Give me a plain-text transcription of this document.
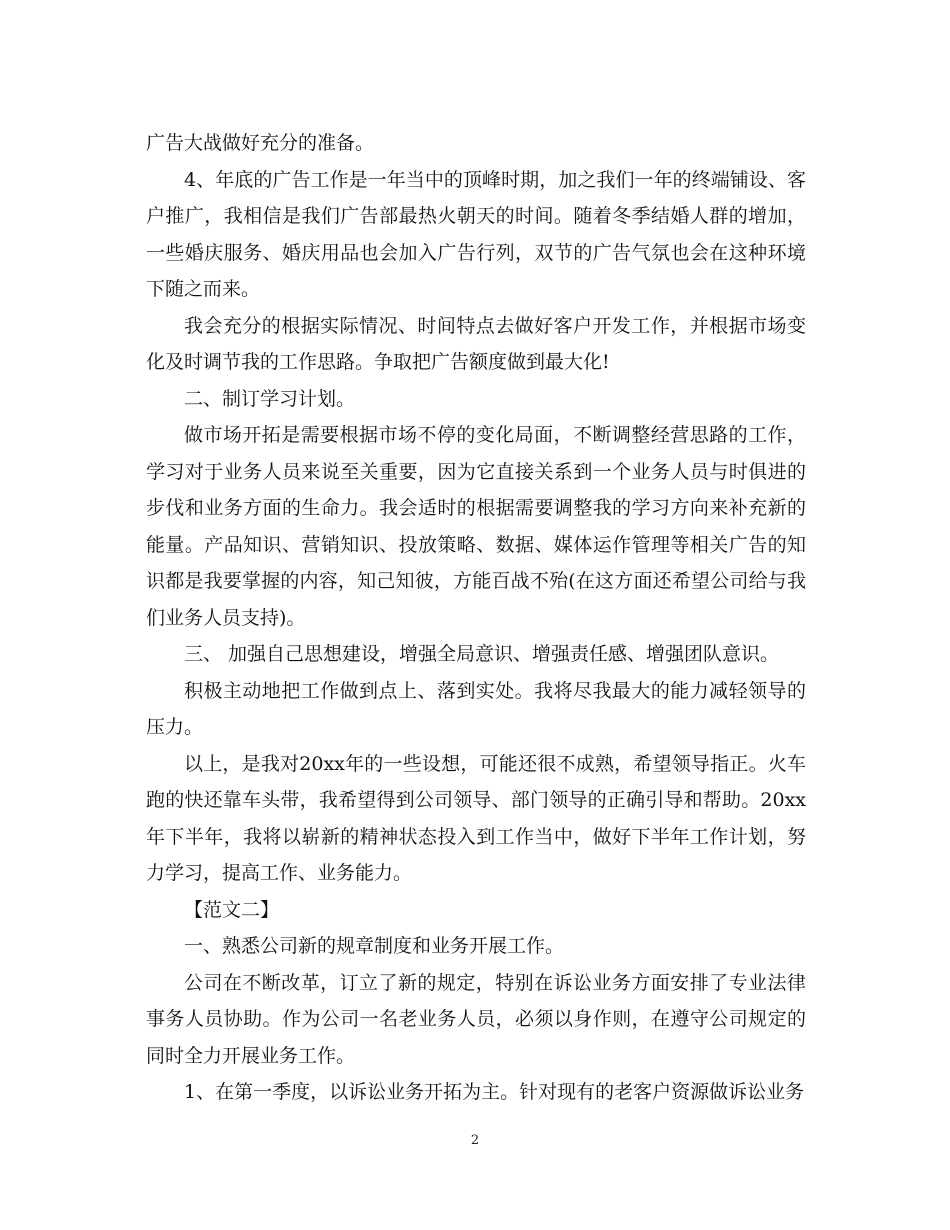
广告大战做好充分的准备。

4、年底的广告工作是一年当中的顶峰时期，加之我们一年的终端铺设、客户推广，我相信是我们广告部最热火朝天的时间。随着冬季结婚人群的增加，一些婚庆服务、婚庆用品也会加入广告行列，双节的广告气氛也会在这种环境下随之而来。

我会充分的根据实际情况、时间特点去做好客户开发工作，并根据市场变化及时调节我的工作思路。争取把广告额度做到最大化!

二、制订学习计划。

做市场开拓是需要根据市场不停的变化局面，不断调整经营思路的工作，学习对于业务人员来说至关重要，因为它直接关系到一个业务人员与时俱进的步伐和业务方面的生命力。我会适时的根据需要调整我的学习方向来补充新的能量。产品知识、营销知识、投放策略、数据、媒体运作管理等相关广告的知识都是我要掌握的内容，知己知彼，方能百战不殆(在这方面还希望公司给与我们业务人员支持)。

三、 加强自己思想建设，增强全局意识、增强责任感、增强团队意识。

积极主动地把工作做到点上、落到实处。我将尽我最大的能力减轻领导的压力。

以上，是我对20xx年的一些设想，可能还很不成熟，希望领导指正。火车跑的快还靠车头带，我希望得到公司领导、部门领导的正确引导和帮助。20xx年下半年，我将以崭新的精神状态投入到工作当中，做好下半年工作计划，努力学习，提高工作、业务能力。

【范文二】

一、熟悉公司新的规章制度和业务开展工作。

公司在不断改革，订立了新的规定，特别在诉讼业务方面安排了专业法律事务人员协助。作为公司一名老业务人员，必须以身作则，在遵守公司规定的同时全力开展业务工作。

1、在第一季度，以诉讼业务开拓为主。针对现有的老客户资源做诉讼业务

2
